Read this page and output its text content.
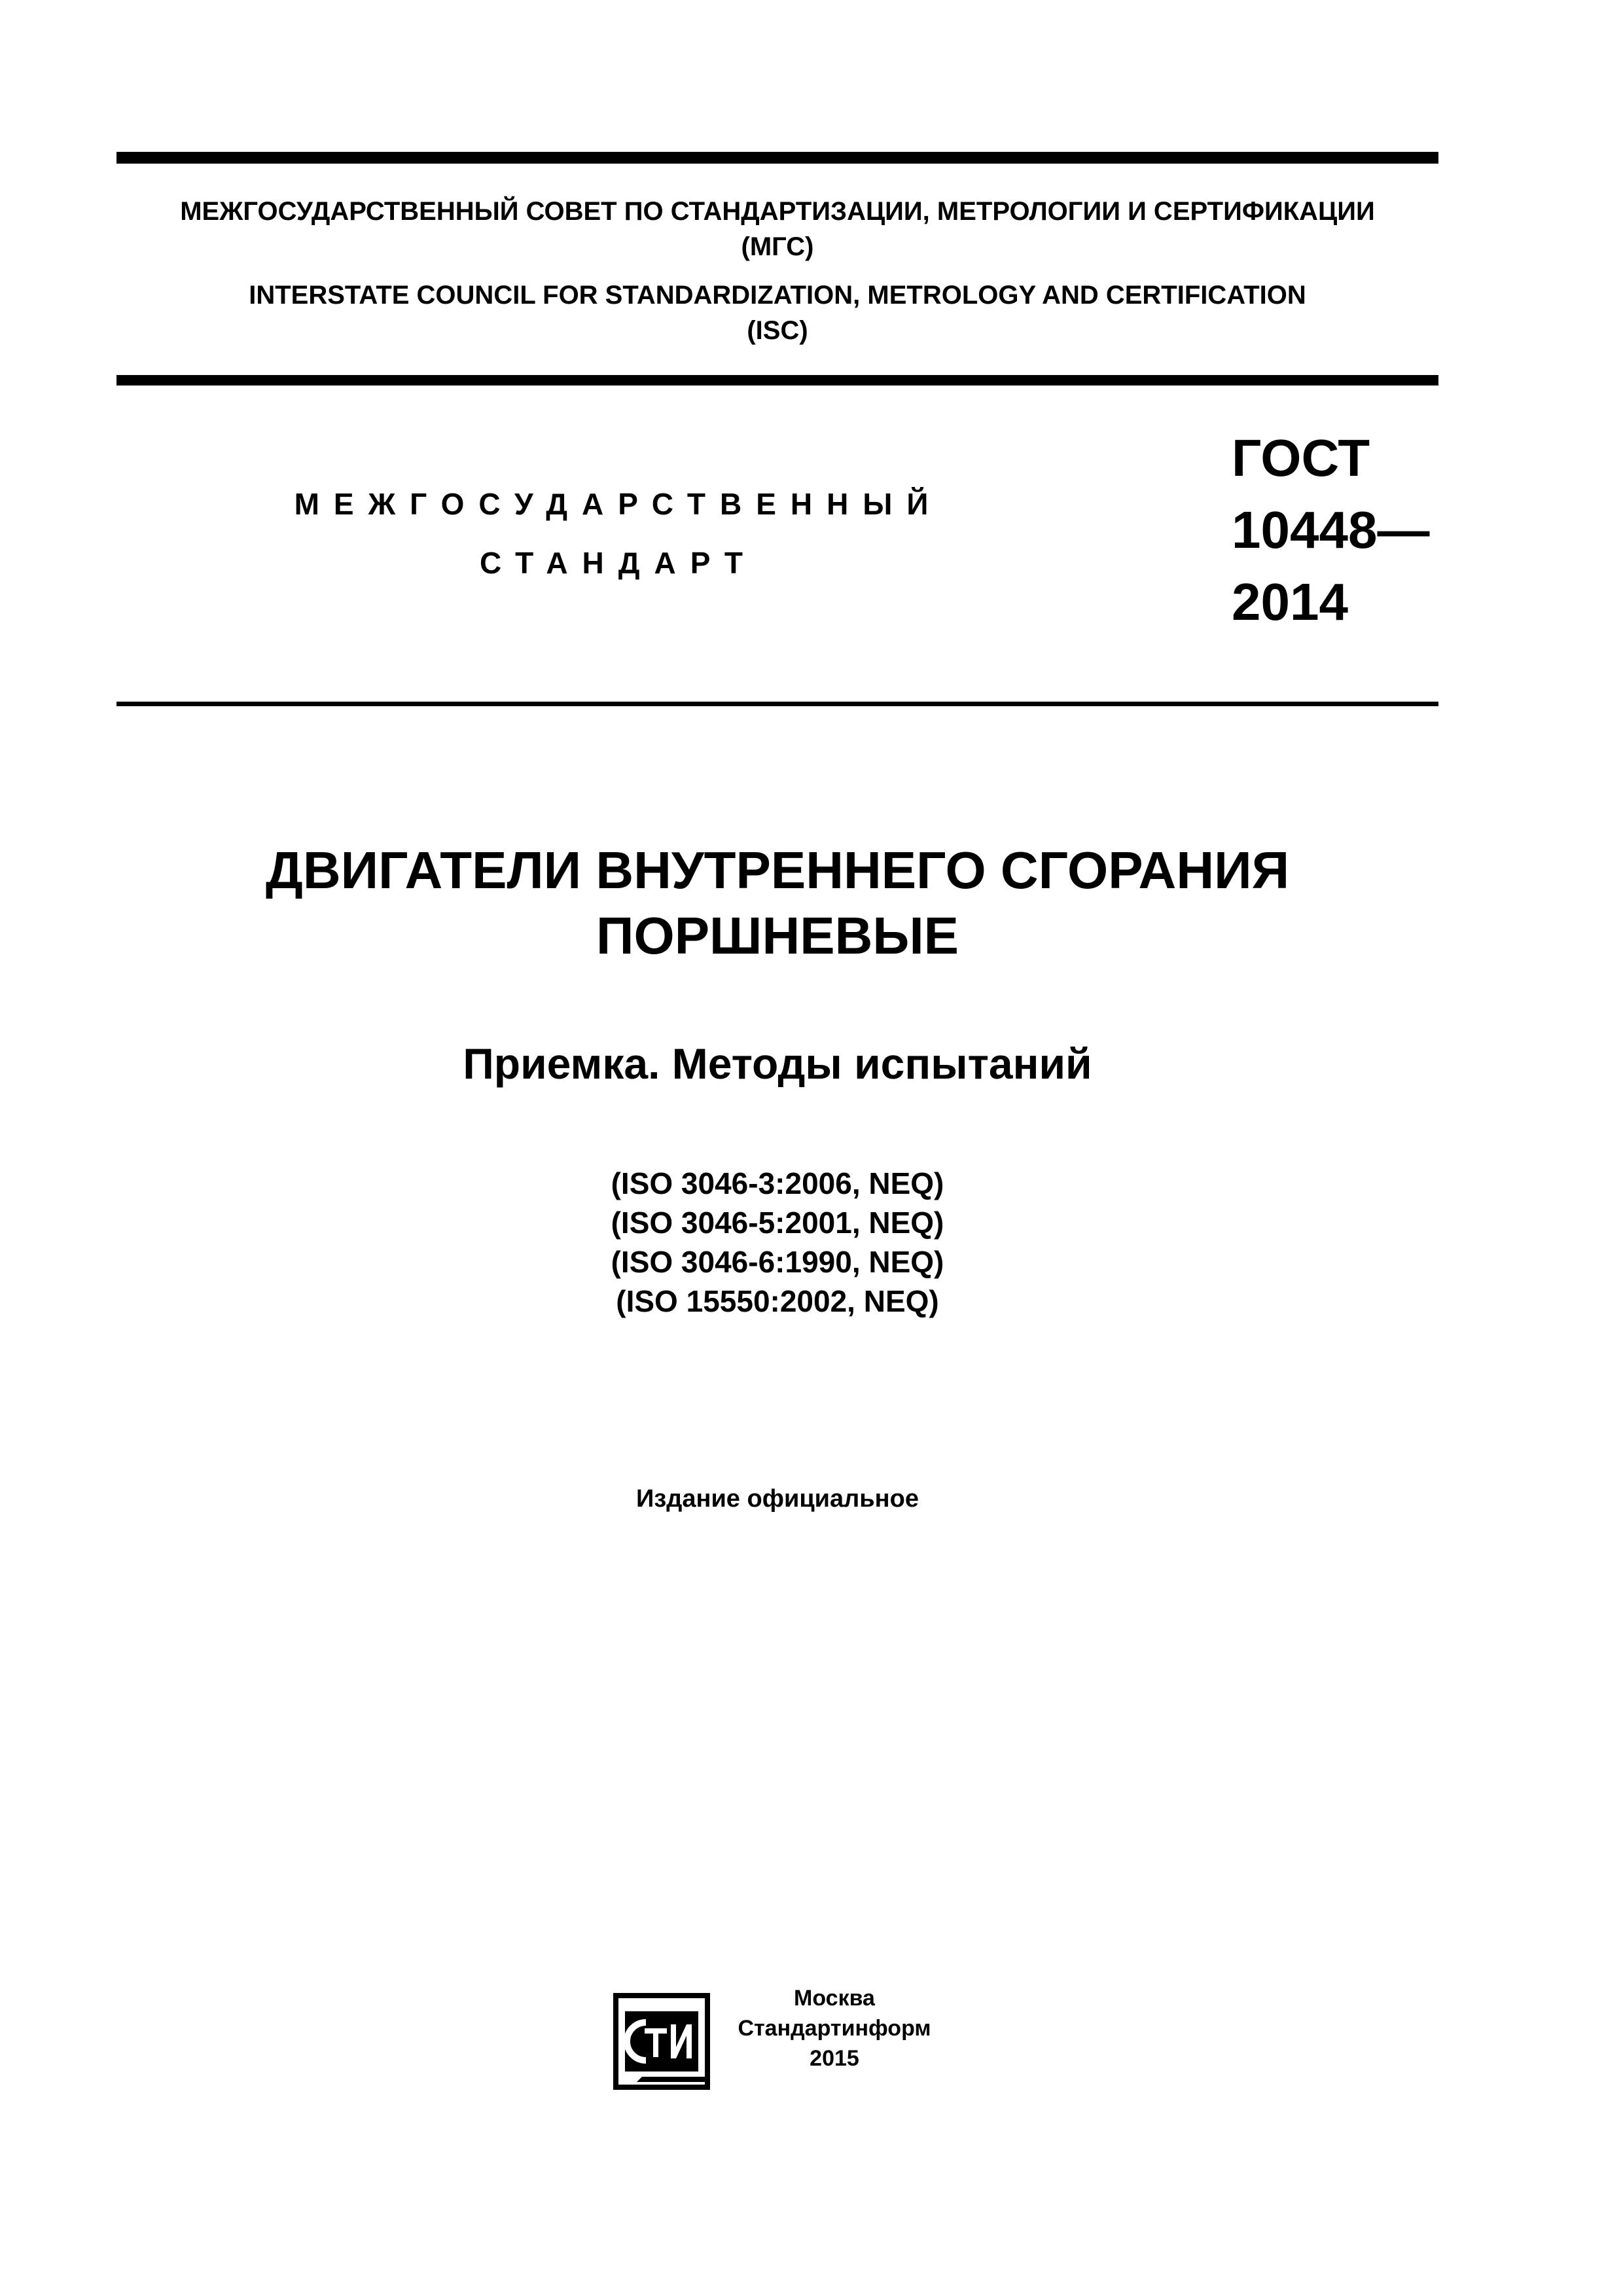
МЕЖГОСУДАРСТВЕННЫЙ СОВЕТ ПО СТАНДАРТИЗАЦИИ, МЕТРОЛОГИИ И СЕРТИФИКАЦИИ
(МГС)
INTERSTATE COUNCIL FOR STANDARDIZATION, METROLOGY AND CERTIFICATION
(ISC)
МЕЖГОСУДАРСТВЕННЫЙ
СТАНДАРТ
ГОСТ
10448—
2014
ДВИГАТЕЛИ ВНУТРЕННЕГО СГОРАНИЯ
ПОРШНЕВЫЕ
Приемка. Методы испытаний
(ISO 3046-3:2006, NEQ)
(ISO 3046-5:2001, NEQ)
(ISO 3046-6:1990, NEQ)
(ISO 15550:2002, NEQ)
Издание официальное
Москва
Стандартинформ
2015
